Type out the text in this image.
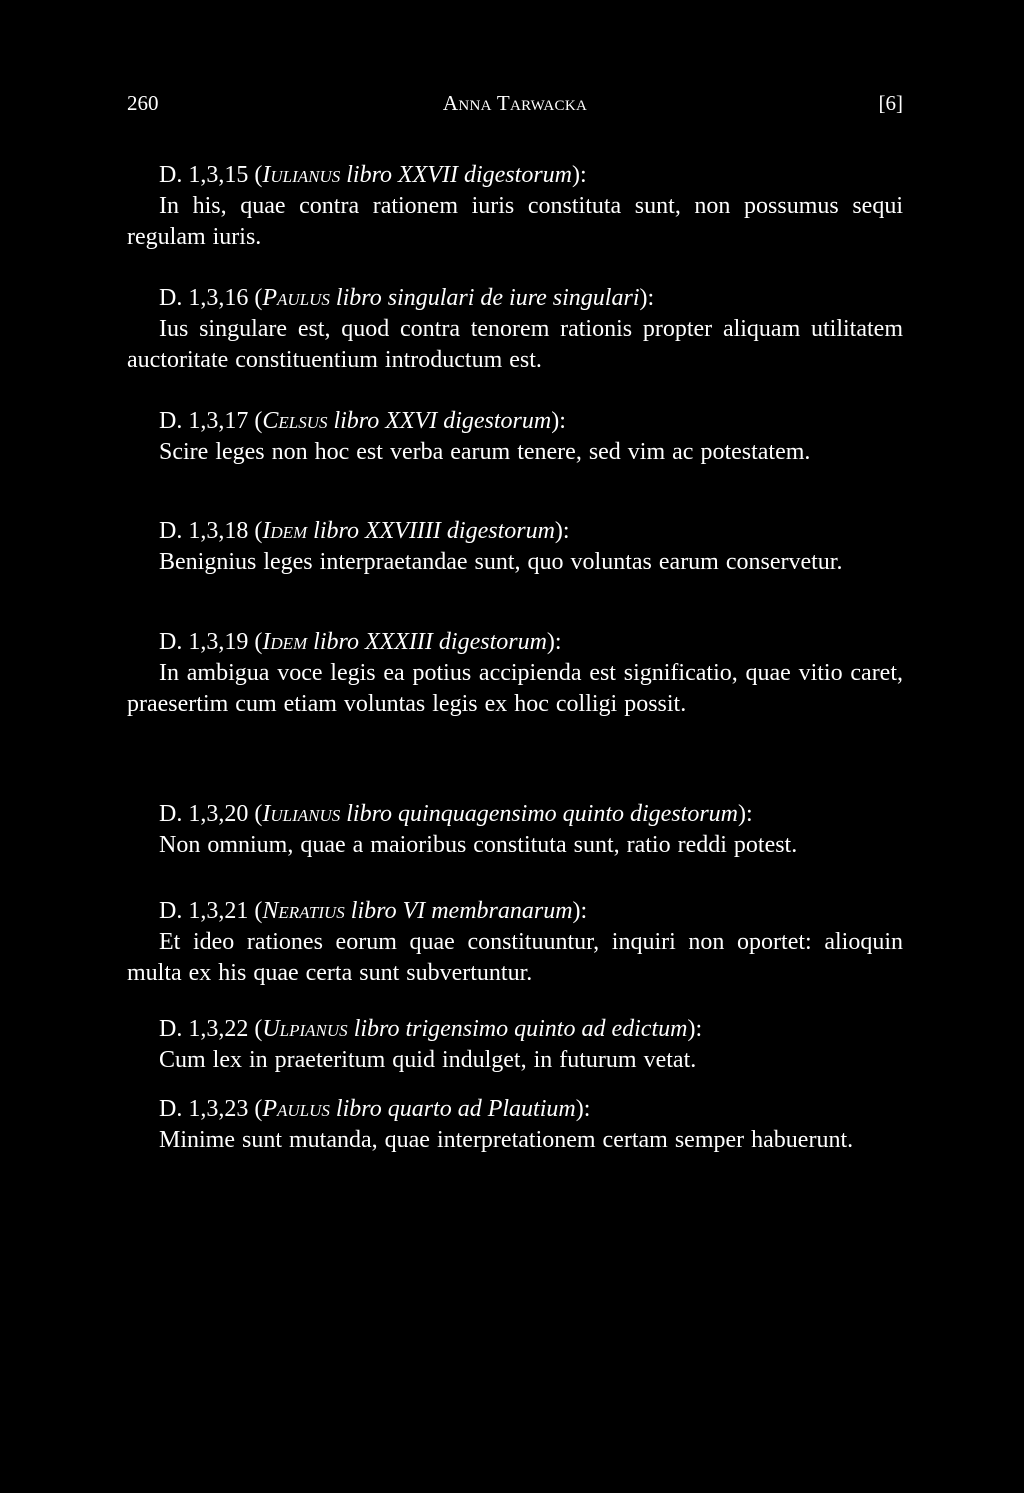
260	Anna Tarwacka	[6]
D. 1,3,15 (Iulianus libro XXVII digestorum):
In his, quae contra rationem iuris constituta sunt, non possumus sequi regulam iuris.
D. 1,3,16 (Paulus libro singulari de iure singulari):
Ius singulare est, quod contra tenorem rationis propter aliquam utilitatem auctoritate constituentium introductum est.
D. 1,3,17 (Celsus libro XXVI digestorum):
Scire leges non hoc est verba earum tenere, sed vim ac potestatem.
D. 1,3,18 (Idem libro XXVIIII digestorum):
Benignius leges interpraetandae sunt, quo voluntas earum conservetur.
D. 1,3,19 (Idem libro XXXIII digestorum):
In ambigua voce legis ea potius accipienda est significatio, quae vitio caret, praesertim cum etiam voluntas legis ex hoc colligi possit.
D. 1,3,20 (Iulianus libro quinquagensimo quinto digestorum):
Non omnium, quae a maioribus constituta sunt, ratio reddi potest.
D. 1,3,21 (Neratius libro VI membranarum):
Et ideo rationes eorum quae constituuntur, inquiri non oportet: alioquin multa ex his quae certa sunt subvertuntur.
D. 1,3,22 (Ulpianus libro trigensimo quinto ad edictum):
Cum lex in praeteritum quid indulget, in futurum vetat.
D. 1,3,23 (Paulus libro quarto ad Plautium):
Minime sunt mutanda, quae interpretationem certam semper habuerunt.
